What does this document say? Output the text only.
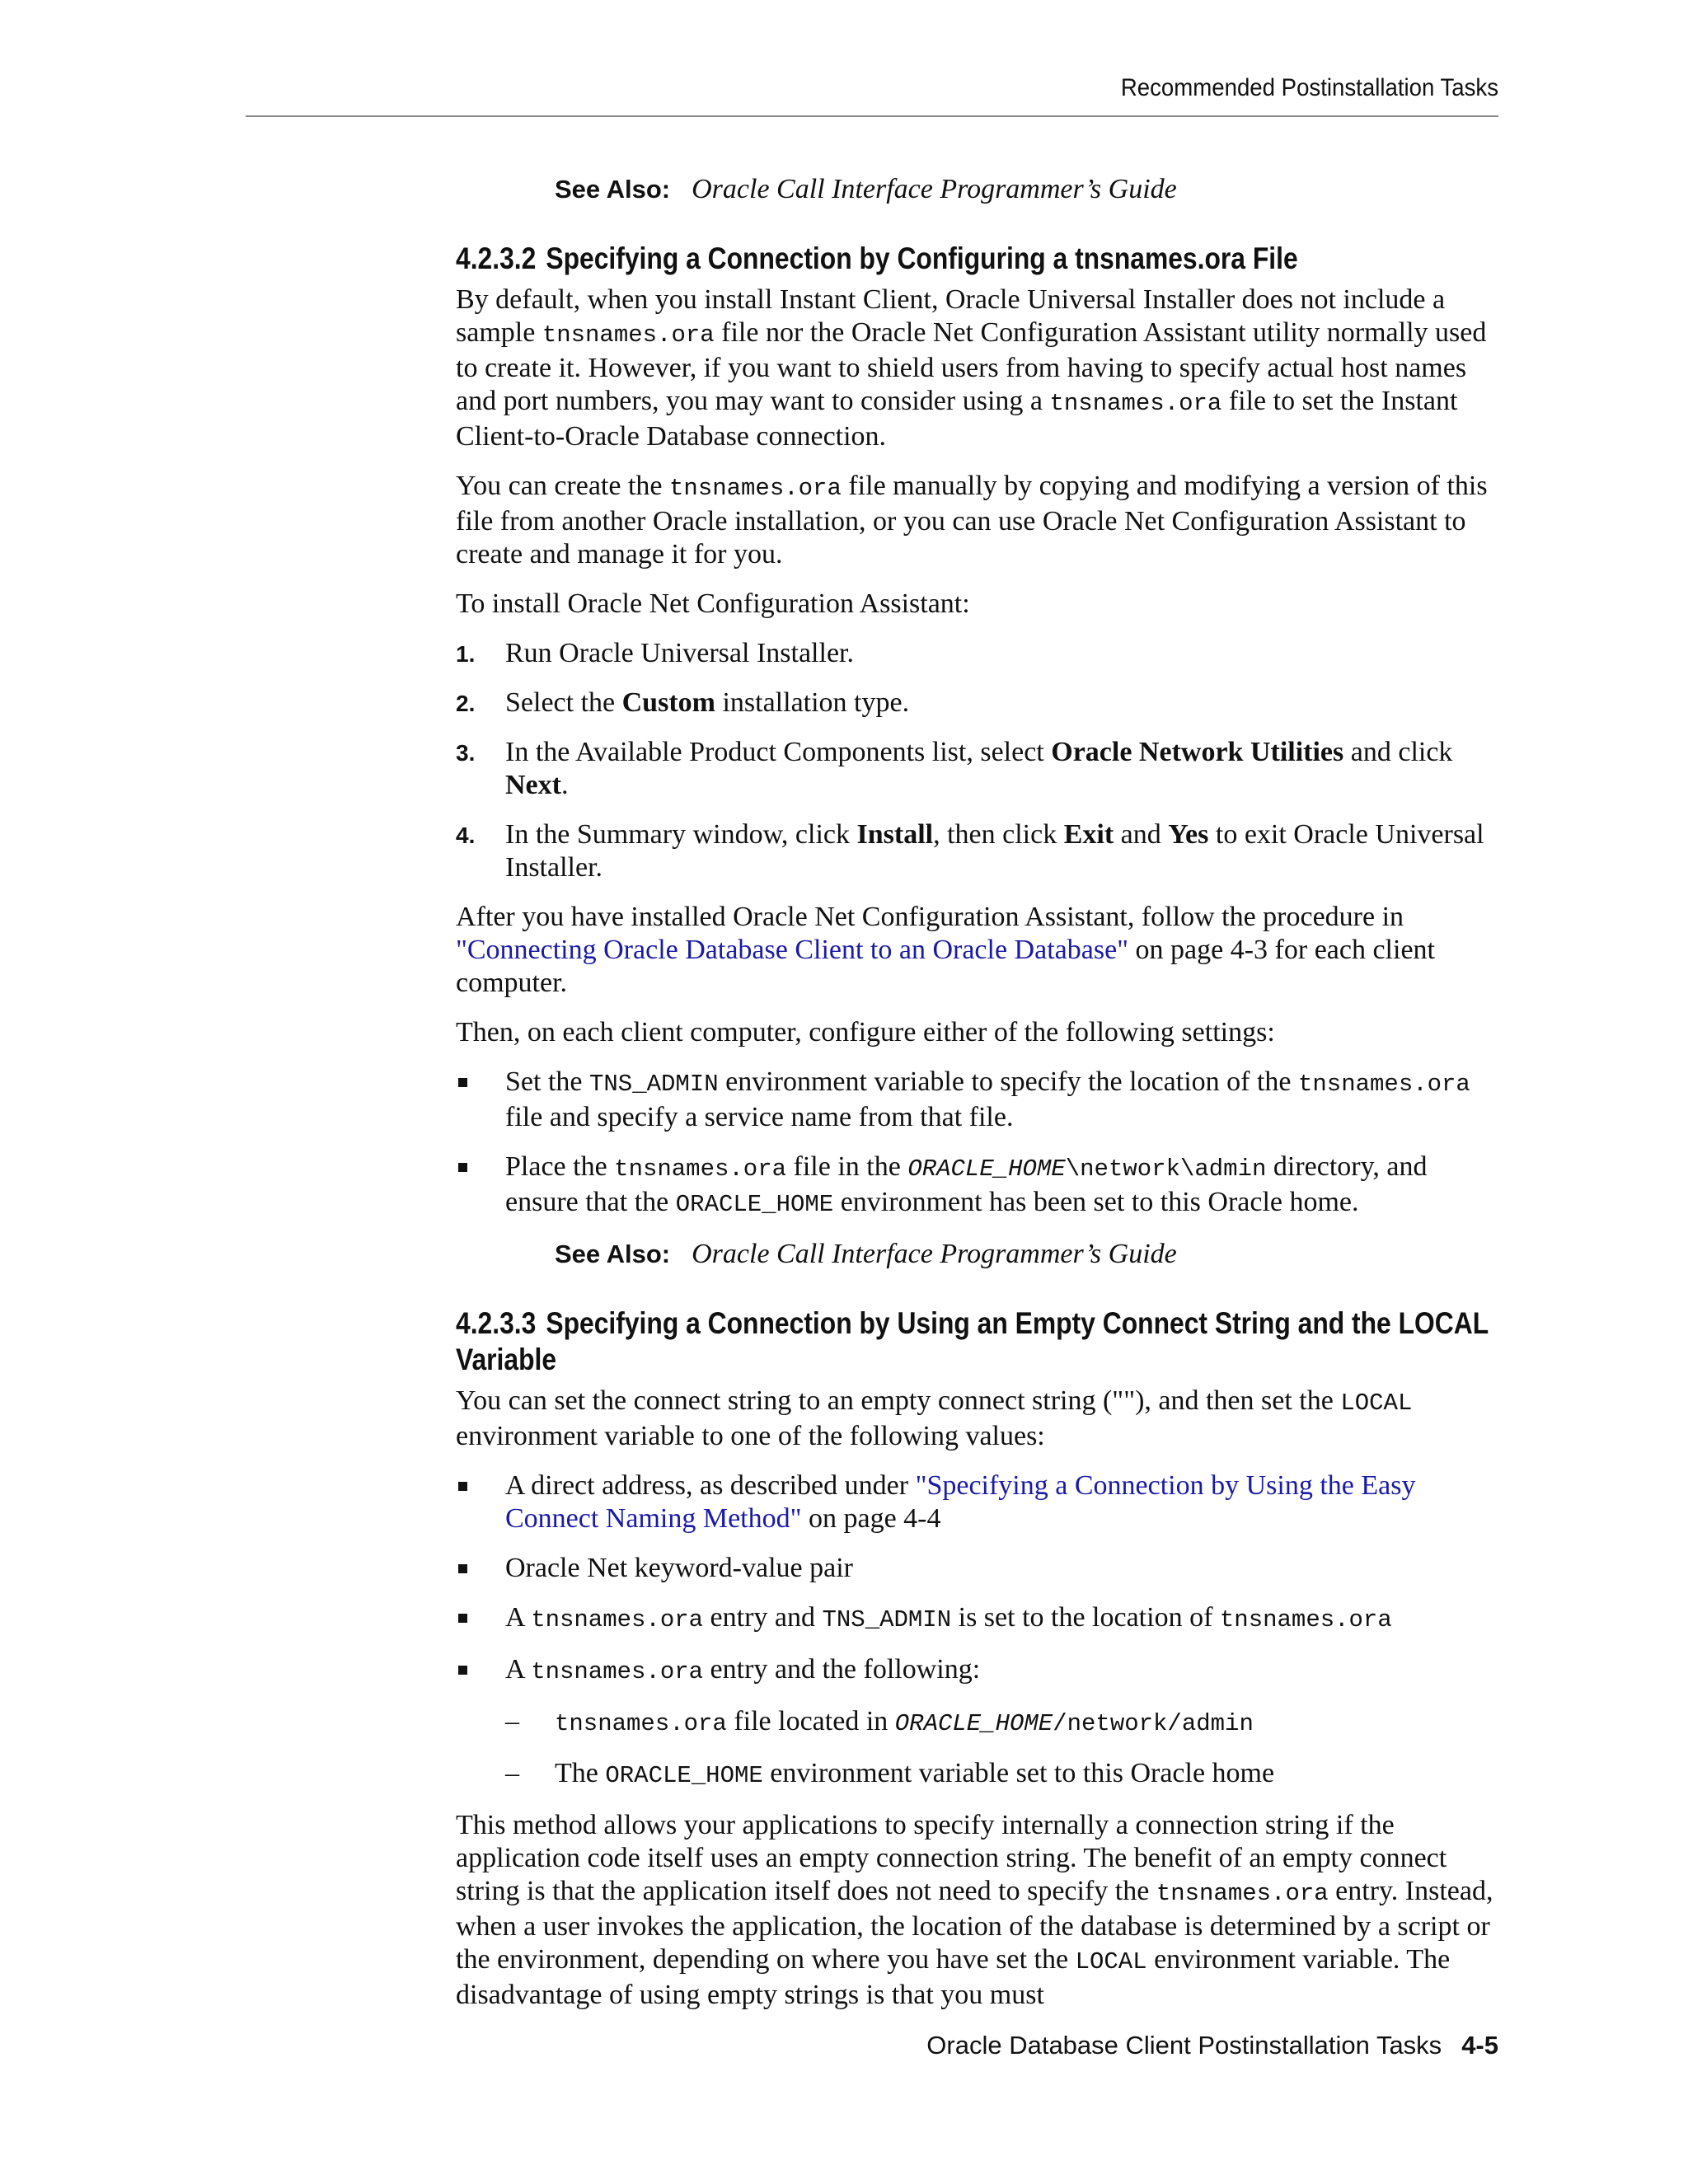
Recommended Postinstallation Tasks
See Also: Oracle Call Interface Programmer’s Guide
4.2.3.2 Specifying a Connection by Configuring a tnsnames.ora File

By default, when you install Instant Client, Oracle Universal Installer does not include a sample tnsnames.ora file nor the Oracle Net Configuration Assistant utility normally used to create it. However, if you want to shield users from having to specify actual host names and port numbers, you may want to consider using a tnsnames.ora file to set the Instant Client-to-Oracle Database connection.

You can create the tnsnames.ora file manually by copying and modifying a version of this file from another Oracle installation, or you can use Oracle Net Configuration Assistant to create and manage it for you.

To install Oracle Net Configuration Assistant:

1. Run Oracle Universal Installer.
2. Select the Custom installation type.
3. In the Available Product Components list, select Oracle Network Utilities and click Next.
4. In the Summary window, click Install, then click Exit and Yes to exit Oracle Universal Installer.

After you have installed Oracle Net Configuration Assistant, follow the procedure in "Connecting Oracle Database Client to an Oracle Database" on page 4-3 for each client computer.

Then, on each client computer, configure either of the following settings:

Set the TNS_ADMIN environment variable to specify the location of the tnsnames.ora file and specify a service name from that file.
Place the tnsnames.ora file in the ORACLE_HOME\network\admin directory, and ensure that the ORACLE_HOME environment has been set to this Oracle home.
See Also: Oracle Call Interface Programmer’s Guide
4.2.3.3 Specifying a Connection by Using an Empty Connect String and the LOCAL Variable

You can set the connect string to an empty connect string (""), and then set the LOCAL environment variable to one of the following values:

A direct address, as described under "Specifying a Connection by Using the Easy Connect Naming Method" on page 4-4
Oracle Net keyword-value pair
A tnsnames.ora entry and TNS_ADMIN is set to the location of tnsnames.ora
A tnsnames.ora entry and the following:
– tnsnames.ora file located in ORACLE_HOME/network/admin
– The ORACLE_HOME environment variable set to this Oracle home

This method allows your applications to specify internally a connection string if the application code itself uses an empty connection string. The benefit of an empty connect string is that the application itself does not need to specify the tnsnames.ora entry. Instead, when a user invokes the application, the location of the database is determined by a script or the environment, depending on where you have set the LOCAL environment variable. The disadvantage of using empty strings is that you must

Oracle Database Client Postinstallation Tasks 4-5
